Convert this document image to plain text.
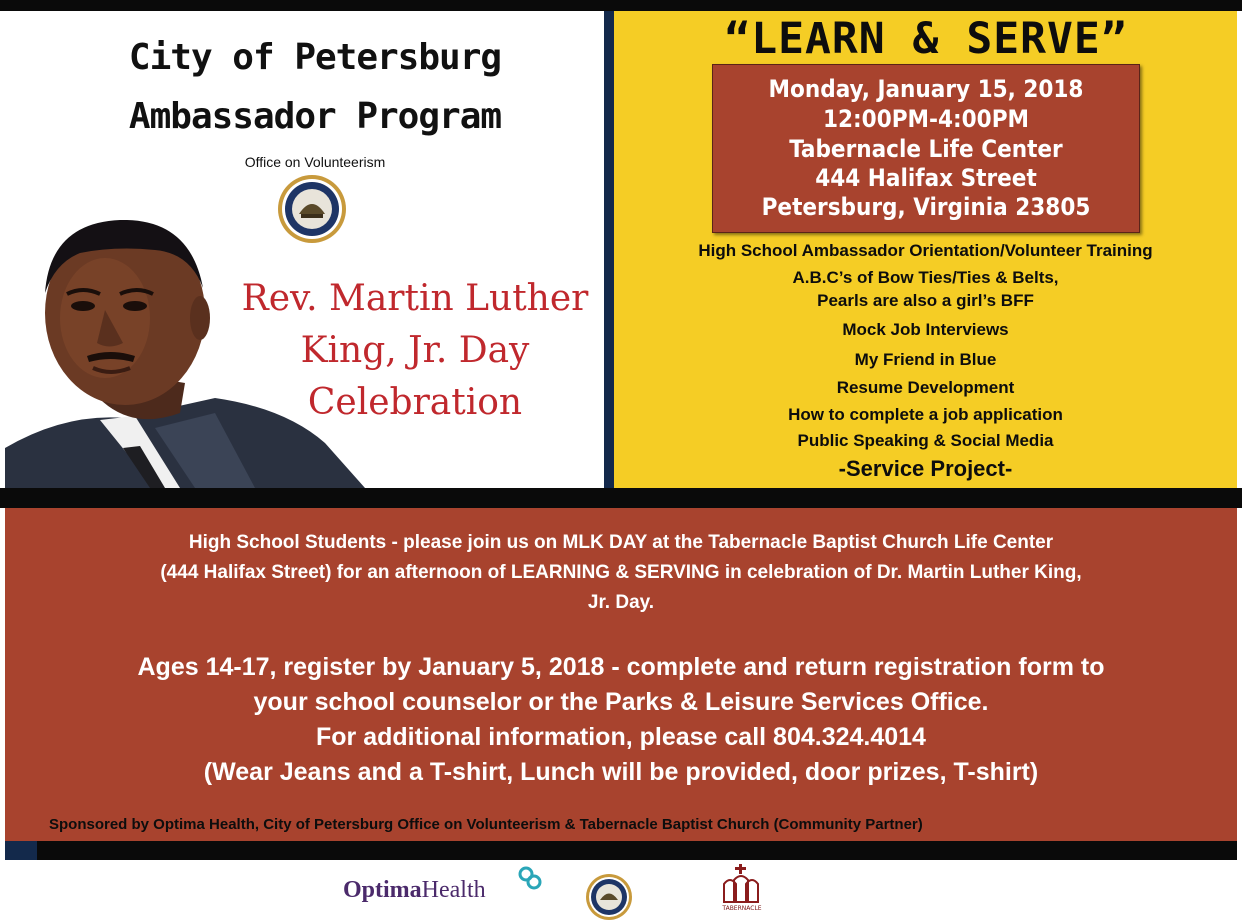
City of Petersburg
Ambassador Program
Office on Volunteerism
Rev. Martin Luther
King, Jr. Day
Celebration
“LEARN & SERVE”
Monday, January 15, 2018
12:00PM-4:00PM
Tabernacle Life Center
444 Halifax Street
Petersburg, Virginia 23805
High School Ambassador Orientation/Volunteer Training
A.B.C’s of Bow Ties/Ties & Belts,
Pearls are also a girl’s BFF
Mock Job Interviews
My Friend in Blue
Resume Development
How to complete a job application
Public Speaking & Social Media
-Service Project-
High School Students - please join us on MLK DAY at the Tabernacle Baptist Church Life Center
(444 Halifax Street) for an afternoon of LEARNING & SERVING in celebration of Dr. Martin Luther King,
Jr. Day.
Ages 14-17, register by January 5, 2018 - complete and return registration form to
your school counselor or the Parks & Leisure Services Office.
For additional information, please call 804.324.4014
(Wear Jeans and a T-shirt, Lunch will be provided, door prizes, T-shirt)
Sponsored by Optima Health, City of Petersburg Office on Volunteerism & Tabernacle Baptist Church (Community Partner)
OptimaHealth
TABERNACLE
